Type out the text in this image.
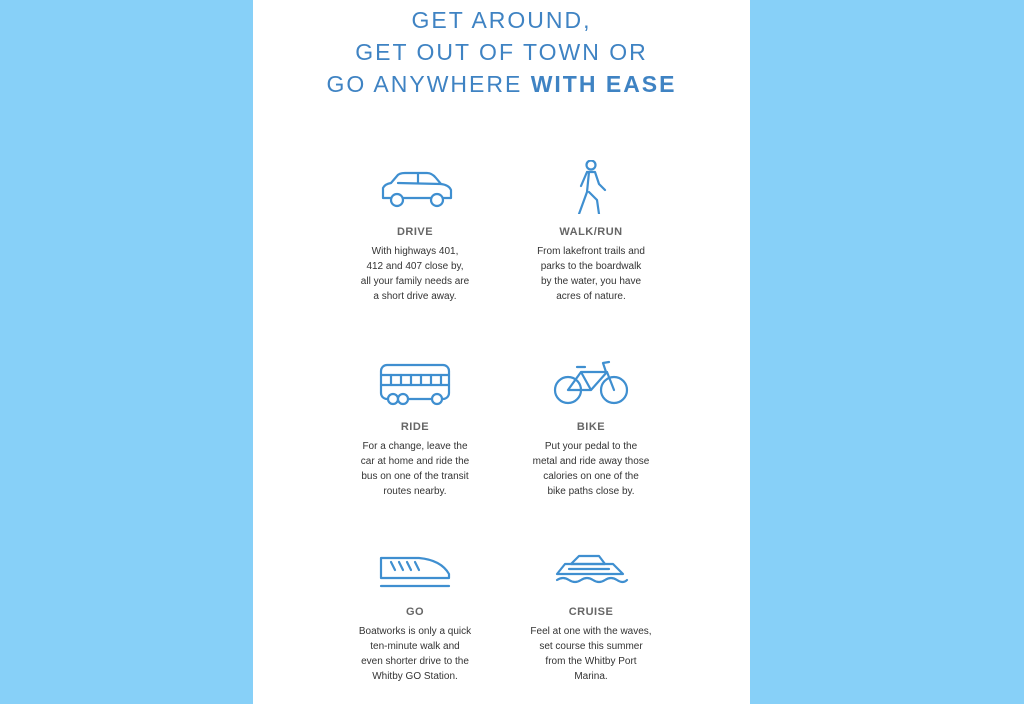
GET AROUND,
GET OUT OF TOWN OR
GO ANYWHERE WITH EASE
DRIVE

With highways 401,
412 and 407 close by,
all your family needs are
a short drive away.

WALK/RUN

From lakefront trails and
parks to the boardwalk
by the water, you have
acres of nature.

RIDE

For a change, leave the
car at home and ride the
bus on one of the transit
routes nearby.

BIKE

Put your pedal to the
metal and ride away those
calories on one of the
bike paths close by.

GO

Boatworks is only a quick
ten-minute walk and
even shorter drive to the
Whitby GO Station.

CRUISE

Feel at one with the waves,
set course this summer
from the Whitby Port
Marina.
